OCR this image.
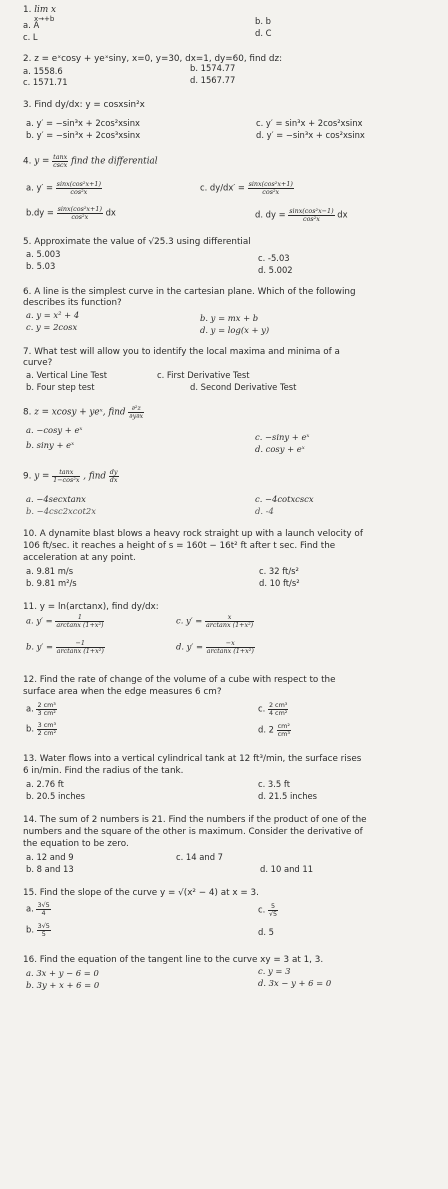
1. lim x
x→+b
a. A	b. b
c. L	d. C
2. z = eˣcosy + yeˣsiny, x=0, y=30, dx=1, dy=60, find dz:
a. 1558.6	b. 1574.77
c. 1571.71	d. 1567.77
3. Find dy/dx: y = cosxsin²x
a. y′ = −sin³x + 2cos²xsinx
b. y′ = −sin³x + 2cos³xsinx
c. y′ = sin³x + 2cos²xsinx
d. y′ = −sin³x + cos²xsinx
4. $y = \frac{\tan x}{\csc x}$ find the differential
a. $y' = \frac{\text{sinx(cos²x+1)}}{\text{cos²x}}$
$b.dy = \frac{\text{sinx(cos²x+1)}}{\text{cos²x}}$ dx
c. $dy/dx' = \frac{\text{sinx(cos²x+1)}}{\text{cos²x}}$
d. dy = $\frac{\text{sinx(cos²x−1)}}{\text{cos²x}}$ dx
5. Approximate the value of √25.3 using differential
a. 5.003
b. 5.03
c. -5.03
d. 5.002
6. A line is the simplest curve in the cartesian plane. Which of the following
describes its function?
a. y = x² + 4
c. y = 2cosx
b. y = mx + b
d. y = log(x + y)
7. What test will allow you to identify the local maxima and minima of a
curve?
a. Vertical Line Test
b. Four step test
c. First Derivative Test
d. Second Derivative Test
8. z = xcosy + yeˣ, find $\frac{\text{∂²z}}{\partial y\partial x}$
a. −cosy + eˣ
b. siny + eˣ
c. −siny + eˣ
d. cosy + eˣ
9. $y = \frac{\tan x}{\text{1−cos²x}}$ , find $\frac{dy}{dx}$
a. −4secxtanx
b. −4csc2xcot2x
c. −4cotxcscx
d. -4
10. A dynamite blast blows a heavy rock straight up with a launch velocity of
106 ft/sec. it reaches a height of s = 160t − 16t² ft after t sec. Find the
acceleration at any point.
a. 9.81 m/s
b. 9.81 m²/s
c. 32 ft/s²
d. 10 ft/s²
11. y = ln(arctanx), find dy/dx:
a. $y' = \frac{1}{\text{arctanx (1+x²)}}$
b. $y' = \frac{-1}{\text{arctanx (1+x²)}}$
c. $y' = \frac{x}{\text{arctanx (1+x²)}}$
d. $y' = \frac{-x}{\text{arctanx (1+x²)}}$
12. Find the rate of change of the volume of a cube with respect to the
surface area when the edge measures 6 cm?
a. $\frac{\text{2 cm³}}{\text{3 cm²}}$
b. $\frac{\text{3 cm³}}{\text{2 cm²}}$
c. $\frac{\text{2 cm³}}{\text{4 cm²}}$
d. $2 \frac{\text{cm²}}{\text{cm³}}$
13. Water flows into a vertical cylindrical tank at 12 ft³/min, the surface rises
6 in/min. Find the radius of the tank.
a. 2.76 ft
b. 20.5 inches
c. 3.5 ft
d. 21.5 inches
14. The sum of 2 numbers is 21. Find the numbers if the product of one of the
numbers and the square of the other is maximum. Consider the derivative of
the equation to be zero.
a. 12 and 9
b. 8 and 13
c. 14 and 7
d. 10 and 11
15. Find the slope of the curve y = √(x² − 4) at x = 3.
a. $\frac{3√5}{4}$
b. $\frac{3√5}{5}$
c. $\frac{5}{√5}$
d. 5
16. Find the equation of the tangent line to the curve xy = 3 at 1, 3.
a. 3x + y − 6 = 0
b. 3y + x + 6 = 0
c. y = 3
d. 3x − y + 6 = 0
